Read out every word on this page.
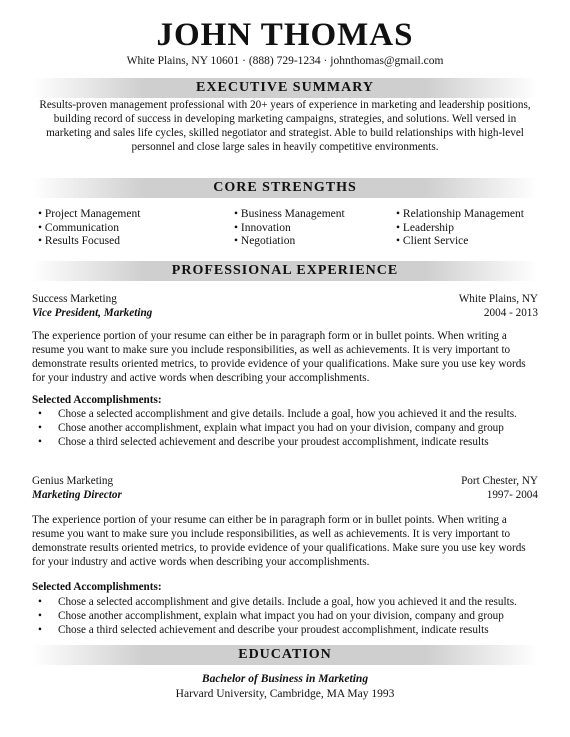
JOHN THOMAS
White Plains, NY 10601 · (888) 729-1234 · johnthomas@gmail.com
EXECUTIVE SUMMARY
Results-proven management professional with 20+ years of experience in marketing and leadership positions, building record of success in developing marketing campaigns, strategies, and solutions. Well versed in marketing and sales life cycles, skilled negotiator and strategist. Able to build relationships with high-level personnel and close large sales in heavily competitive environments.
CORE STRENGTHS
• Project Management
• Communication
• Results Focused
• Business Management
• Innovation
• Negotiation
• Relationship Management
• Leadership
• Client Service
PROFESSIONAL EXPERIENCE
Success Marketing	White Plains, NY
Vice President, Marketing	2004 - 2013
The experience portion of your resume can either be in paragraph form or in bullet points. When writing a resume you want to make sure you include responsibilities, as well as achievements. It is very important to demonstrate results oriented metrics, to provide evidence of your qualifications. Make sure you use key words for your industry and active words when describing your accomplishments.
Selected Accomplishments:
• Chose a selected accomplishment and give details. Include a goal, how you achieved it and the results.
• Chose another accomplishment, explain what impact you had on your division, company and group
• Chose a third selected achievement and describe your proudest accomplishment, indicate results
Genius Marketing	Port Chester, NY
Marketing Director	1997- 2004
The experience portion of your resume can either be in paragraph form or in bullet points. When writing a resume you want to make sure you include responsibilities, as well as achievements. It is very important to demonstrate results oriented metrics, to provide evidence of your qualifications. Make sure you use key words for your industry and active words when describing your accomplishments.
Selected Accomplishments:
• Chose a selected accomplishment and give details. Include a goal, how you achieved it and the results.
• Chose another accomplishment, explain what impact you had on your division, company and group
• Chose a third selected achievement and describe your proudest accomplishment, indicate results
EDUCATION
Bachelor of Business in Marketing
Harvard University, Cambridge, MA May 1993
